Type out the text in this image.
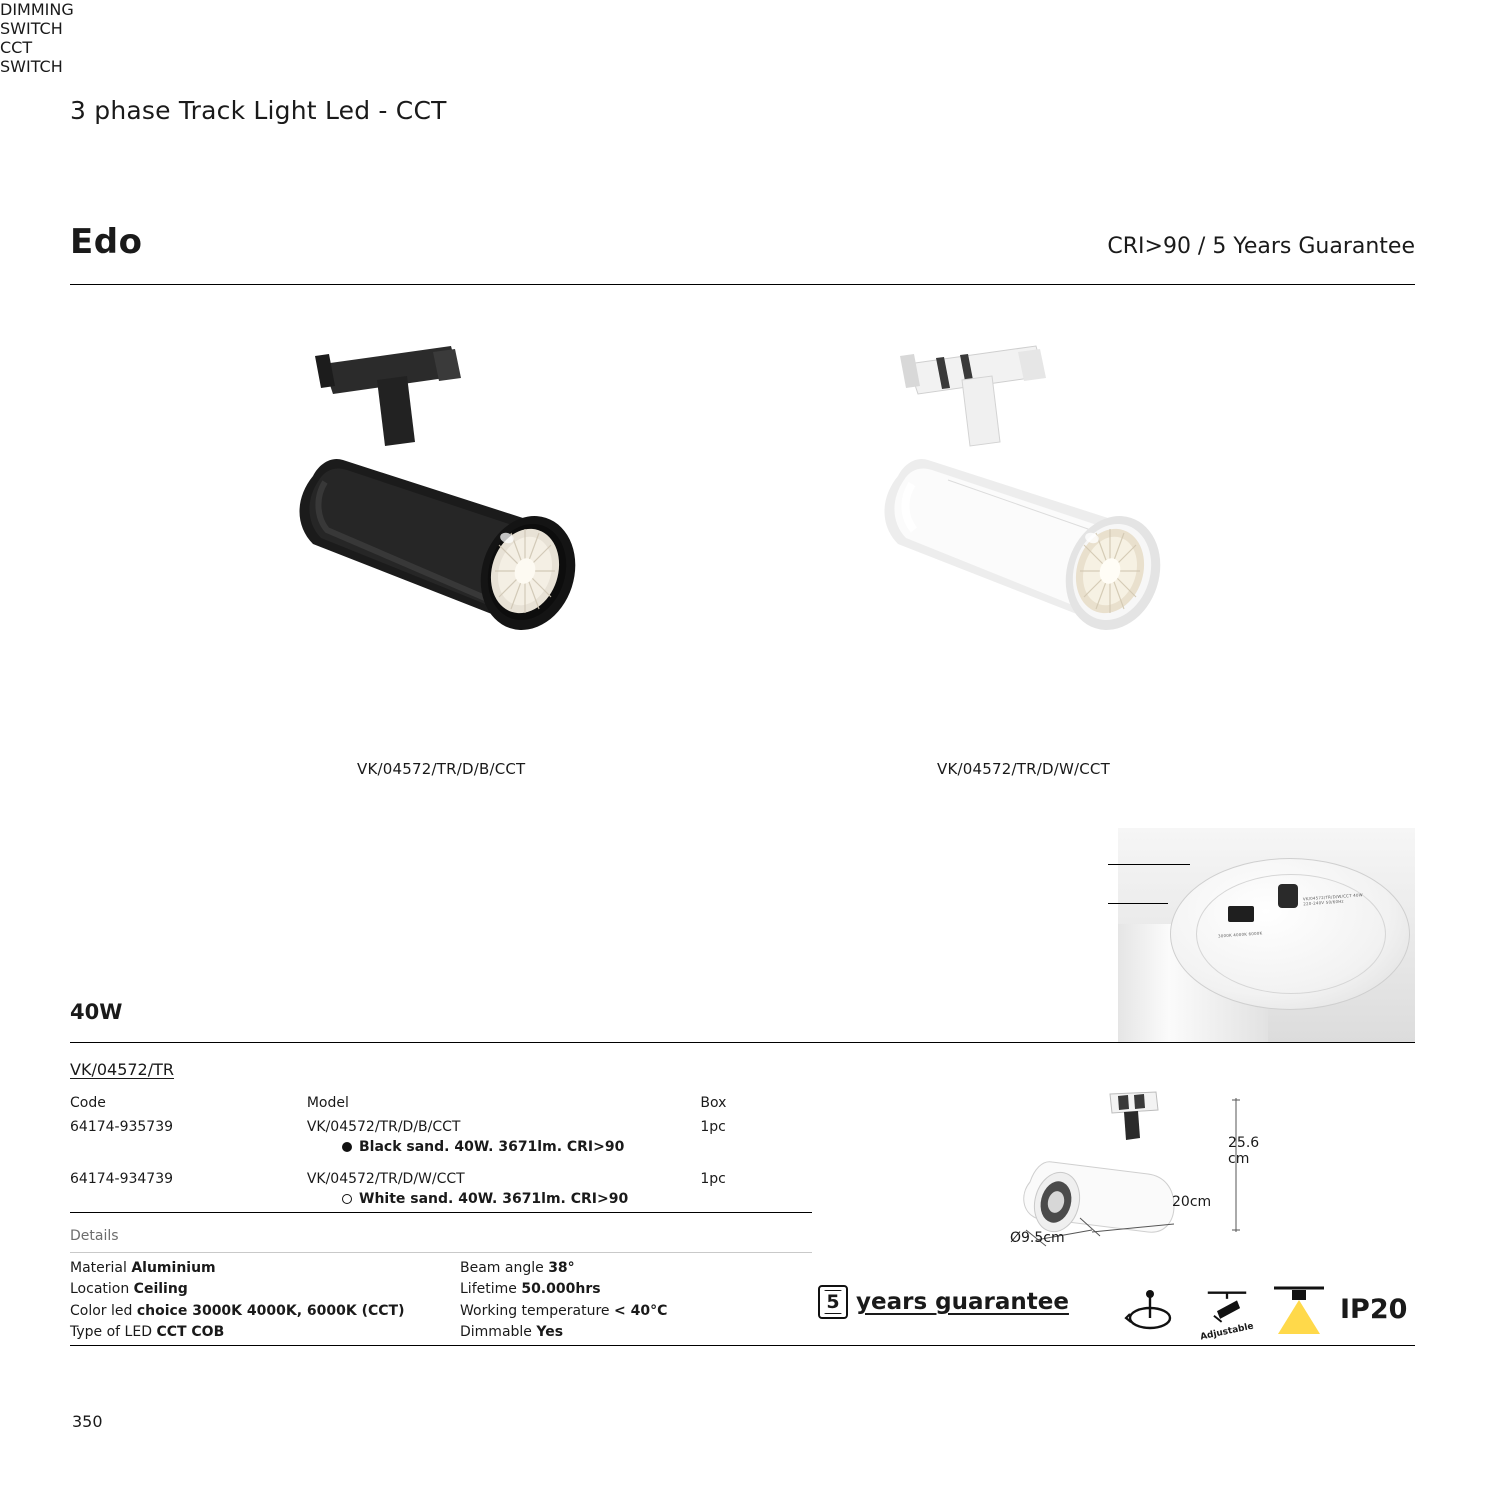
3 phase Track Light Led - CCT
Edo	CRI>90 / 5 Years Guarantee
VK/04572/TR/D/B/CCT	VK/04572/TR/D/W/CCT
3000K 4000K 6000K
VK/04572/TR/D/W/CCT 40W 220-240V 50/60Hz
DIMMING
SWITCH
CCT
SWITCH
40W
VK/04572/TR
Code	Model	Box
64174-935739	VK/04572/TR/D/B/CCT	1pc
Black sand. 40W. 3671lm. CRI>90
64174-934739	VK/04572/TR/D/W/CCT	1pc
White sand. 40W. 3671lm. CRI>90
Details
Material Aluminium
Location Ceiling
Color led choice 3000K 4000K, 6000K (CCT)
Type of LED CCT COB
Beam angle 38°
Lifetime 50.000hrs
Working temperature < 40°C
Dimmable Yes
Ø9.5cm
20cm
25.6
cm
5 years guarantee
Adjustable
IP20
350
